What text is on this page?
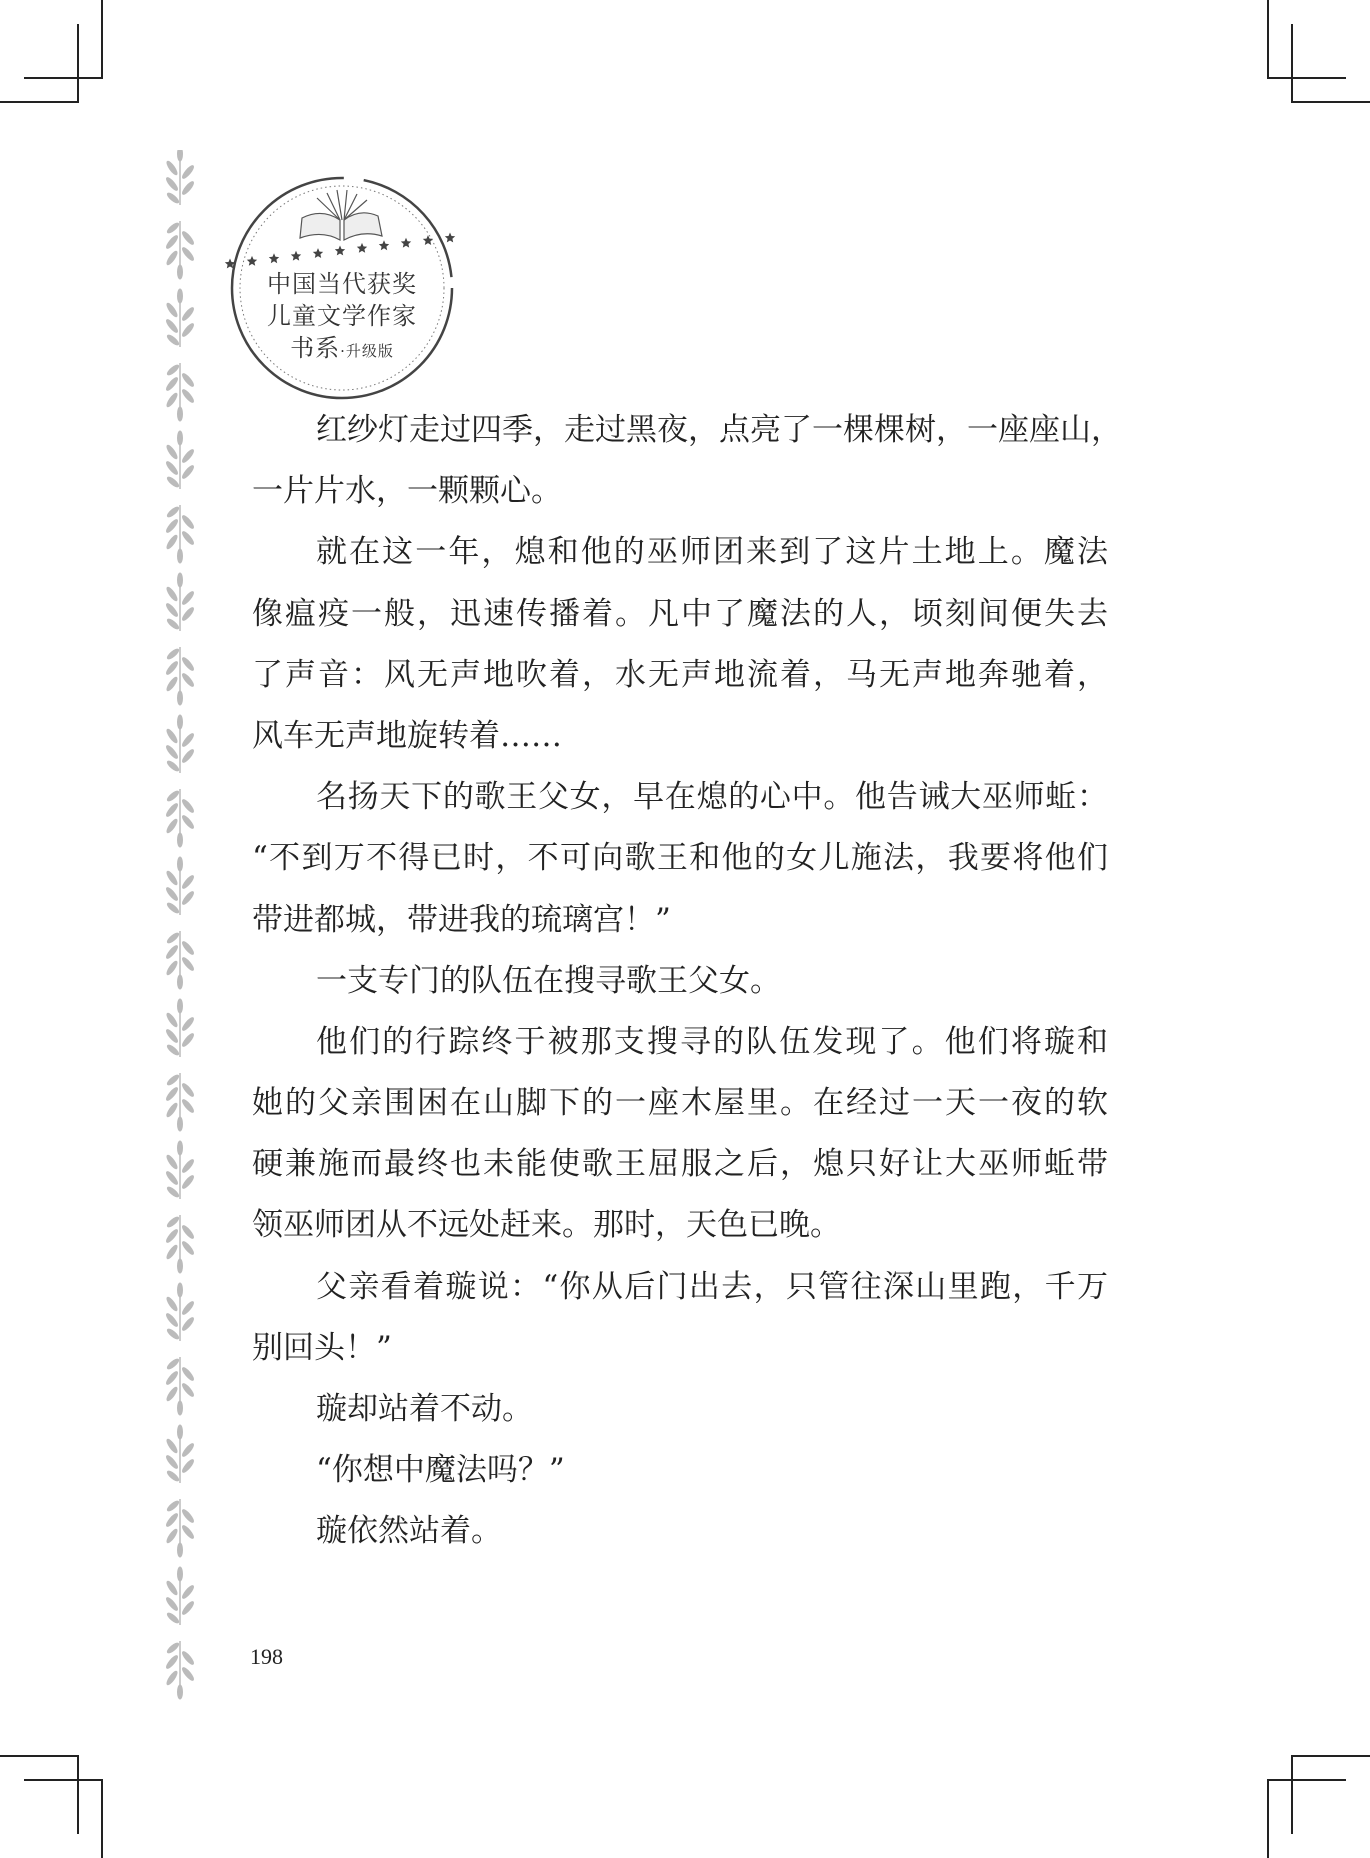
中国当代获奖
儿童文学作家
书系·升级版
红纱灯走过四季，走过黑夜，点亮了一棵棵树，一座座山，
一片片水，一颗颗心。
就在这一年，熄和他的巫师团来到了这片土地上。魔法
像瘟疫一般，迅速传播着。凡中了魔法的人，顷刻间便失去
了声音：风无声地吹着，水无声地流着，马无声地奔驰着，
风车无声地旋转着……
名扬天下的歌王父女，早在熄的心中。他告诫大巫师蚯：
“不到万不得已时，不可向歌王和他的女儿施法，我要将他们
带进都城，带进我的琉璃宫！”
一支专门的队伍在搜寻歌王父女。
他们的行踪终于被那支搜寻的队伍发现了。他们将璇和
她的父亲围困在山脚下的一座木屋里。在经过一天一夜的软
硬兼施而最终也未能使歌王屈服之后，熄只好让大巫师蚯带
领巫师团从不远处赶来。那时，天色已晚。
父亲看着璇说：“你从后门出去，只管往深山里跑，千万
别回头！”
璇却站着不动。
“你想中魔法吗？”
璇依然站着。
198
